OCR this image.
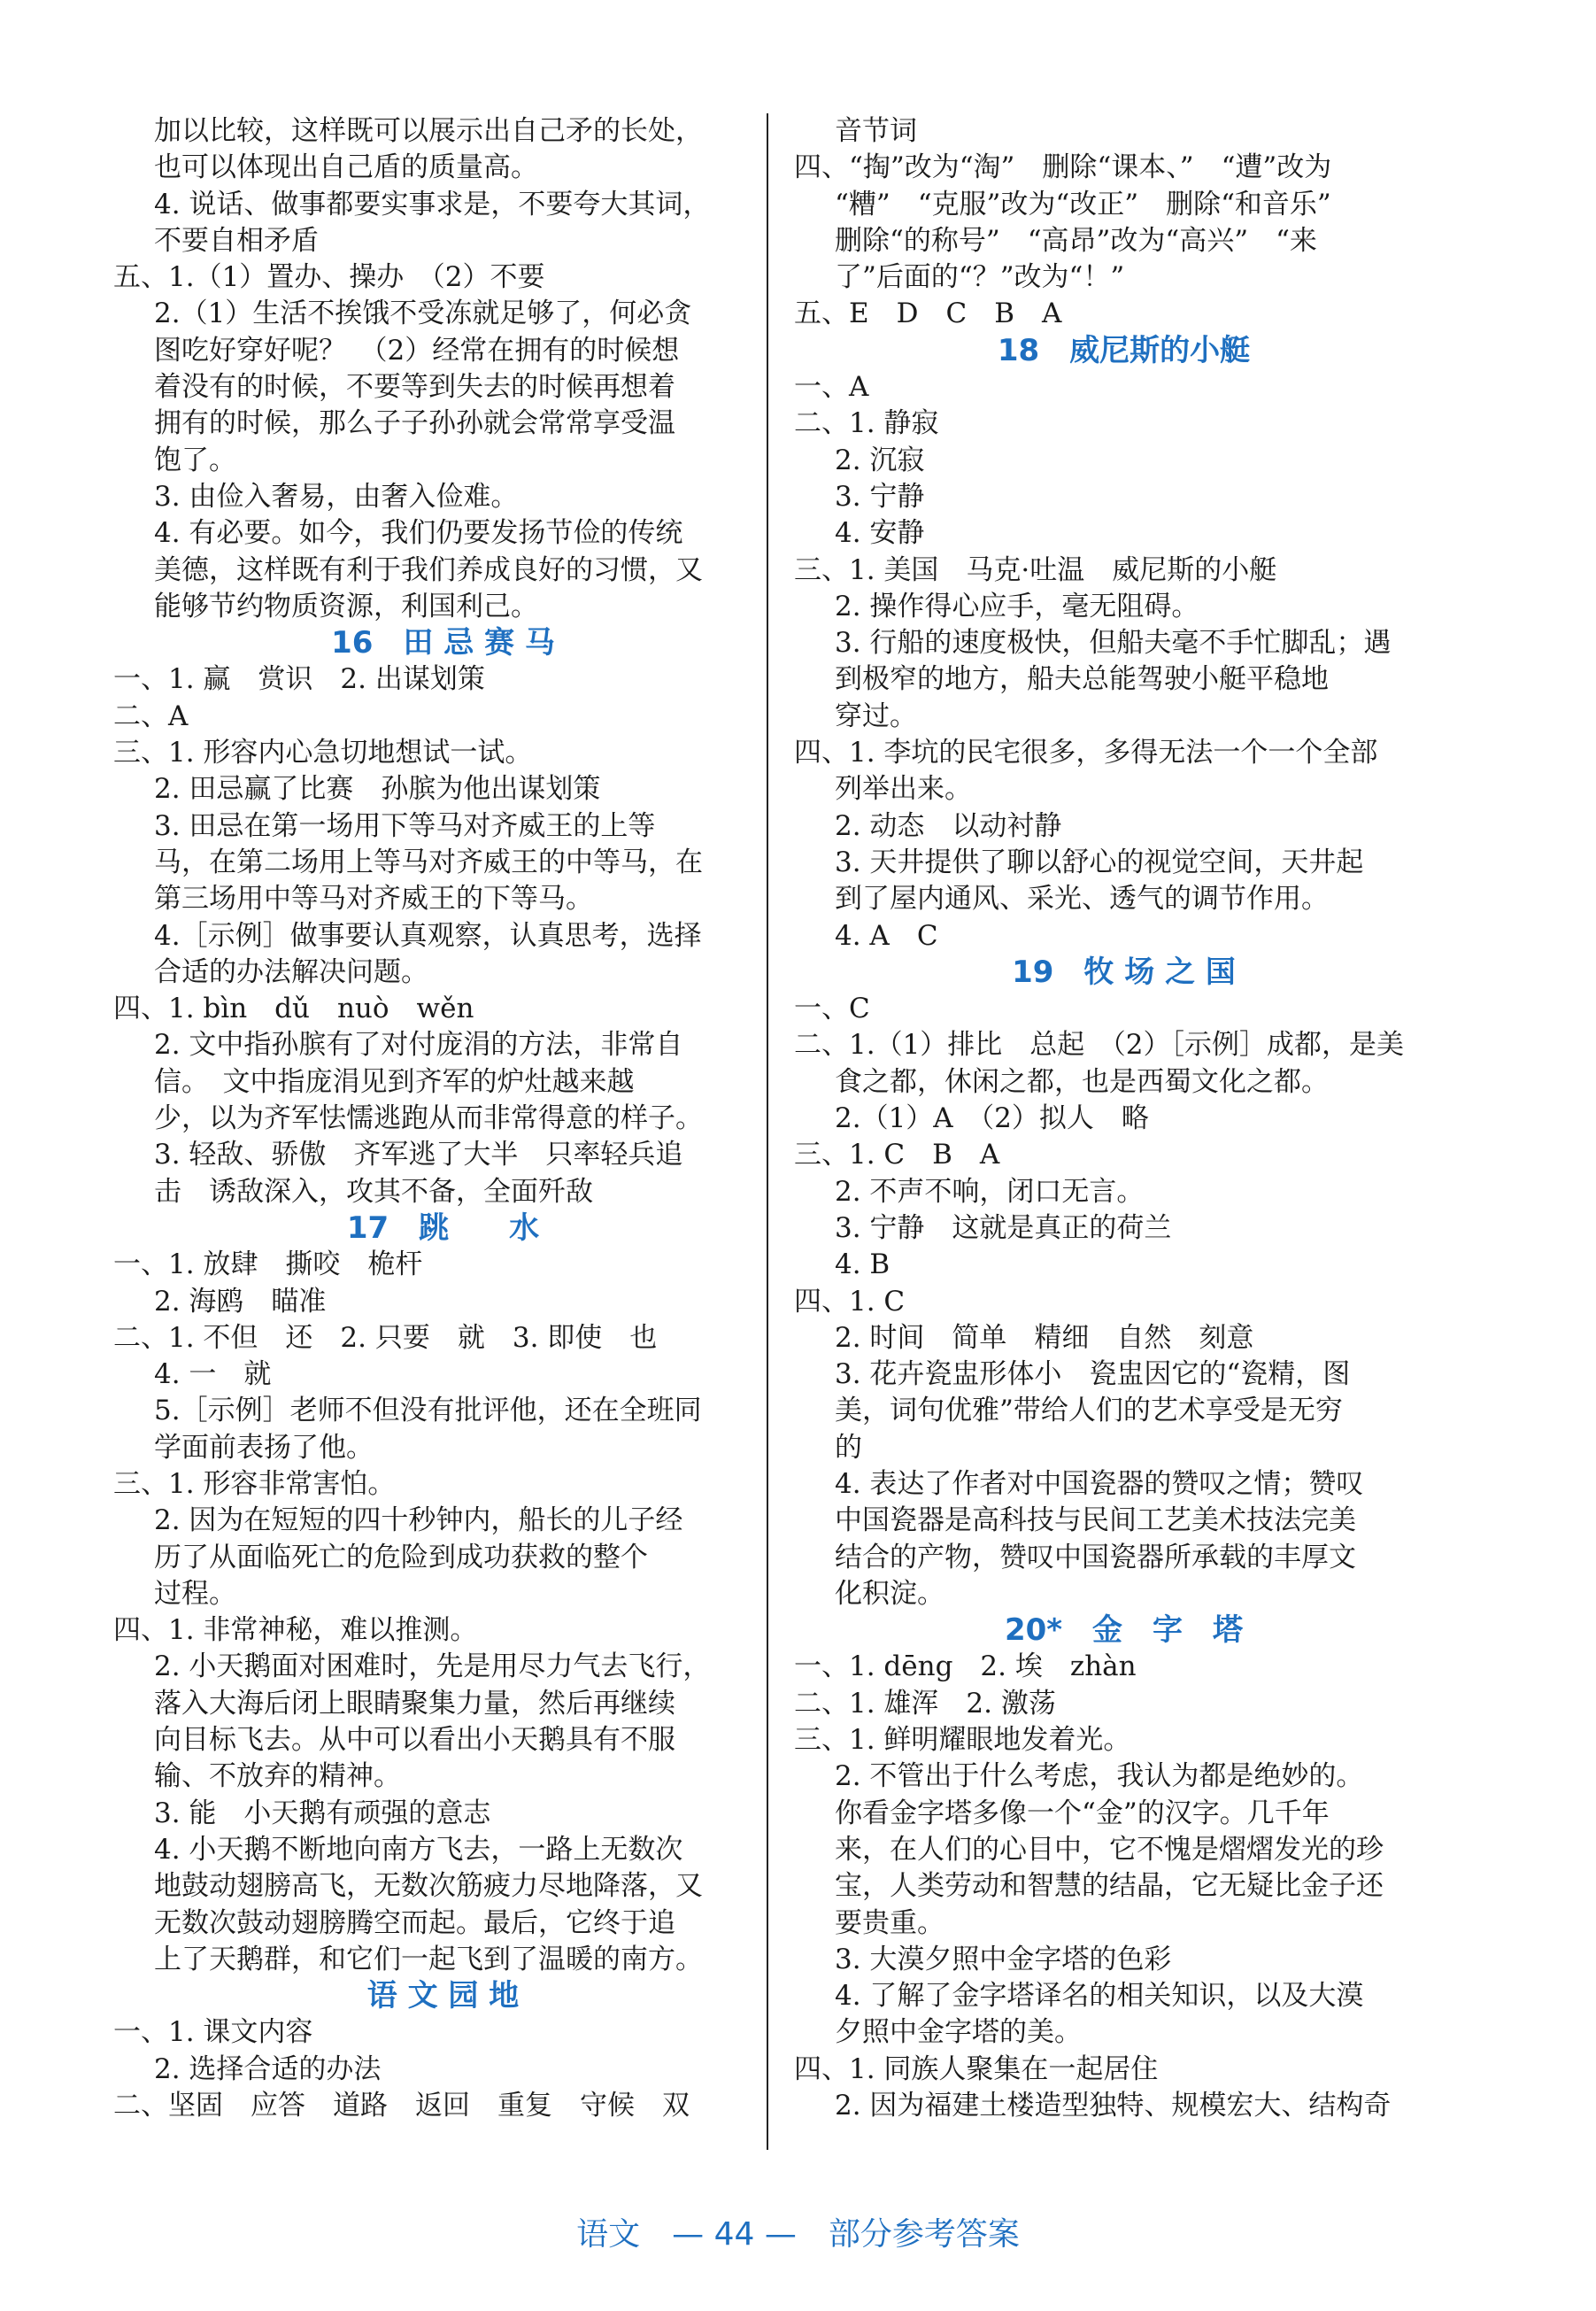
加以比较，这样既可以展示出自己矛的长处，
也可以体现出自己盾的质量高。
4. 说话、做事都要实事求是，不要夸大其词，
不要自相矛盾
五、1.（1）置办、操办　（2）不要
2.（1）生活不挨饿不受冻就足够了，何必贪
图吃好穿好呢？　（2）经常在拥有的时候想
着没有的时候，不要等到失去的时候再想着
拥有的时候，那么子子孙孙就会常常享受温
饱了。
3. 由俭入奢易，由奢入俭难。
4. 有必要。如今，我们仍要发扬节俭的传统
美德，这样既有利于我们养成良好的习惯，又
能够节约物质资源，利国利己。
16　田 忌 赛 马
一、1. 赢　赏识　2. 出谋划策
二、A
三、1. 形容内心急切地想试一试。
2. 田忌赢了比赛　孙膑为他出谋划策
3. 田忌在第一场用下等马对齐威王的上等
马，在第二场用上等马对齐威王的中等马，在
第三场用中等马对齐威王的下等马。
4.［示例］做事要认真观察，认真思考，选择
合适的办法解决问题。
四、1. bìn　dǔ　nuò　wěn
2. 文中指孙膑有了对付庞涓的方法，非常自
信。　文中指庞涓见到齐军的炉灶越来越
少，以为齐军怯懦逃跑从而非常得意的样子。
3. 轻敌、骄傲　齐军逃了大半　只率轻兵追
击　诱敌深入，攻其不备，全面歼敌
17　跳　　水
一、1. 放肆　撕咬　桅杆
2. 海鸥　瞄准
二、1. 不但　还　2. 只要　就　3. 即使　也
4. 一　就
5.［示例］老师不但没有批评他，还在全班同
学面前表扬了他。
三、1. 形容非常害怕。
2. 因为在短短的四十秒钟内，船长的儿子经
历了从面临死亡的危险到成功获救的整个
过程。
四、1. 非常神秘，难以推测。
2. 小天鹅面对困难时，先是用尽力气去飞行，
落入大海后闭上眼睛聚集力量，然后再继续
向目标飞去。从中可以看出小天鹅具有不服
输、不放弃的精神。
3. 能　小天鹅有顽强的意志
4. 小天鹅不断地向南方飞去，一路上无数次
地鼓动翅膀高飞，无数次筋疲力尽地降落，又
无数次鼓动翅膀腾空而起。最后，它终于追
上了天鹅群，和它们一起飞到了温暖的南方。
语 文 园 地
一、1. 课文内容
2. 选择合适的办法
二、坚固　应答　道路　返回　重复　守候　双
音节词
四、“掏”改为“淘”　删除“课本、”　“遭”改为
“糟”　“克服”改为“改正”　删除“和音乐”
删除“的称号”　“高昂”改为“高兴”　“来
了”后面的“？”改为“！”
五、E　D　C　B　A
18　威尼斯的小艇
一、A
二、1. 静寂
2. 沉寂
3. 宁静
4. 安静
三、1. 美国　马克·吐温　威尼斯的小艇
2. 操作得心应手，毫无阻碍。
3. 行船的速度极快，但船夫毫不手忙脚乱；遇
到极窄的地方，船夫总能驾驶小艇平稳地
穿过。
四、1. 李坑的民宅很多，多得无法一个一个全部
列举出来。
2. 动态　以动衬静
3. 天井提供了聊以舒心的视觉空间，天井起
到了屋内通风、采光、透气的调节作用。
4. A　C
19　牧 场 之 国
一、C
二、1.（1）排比　总起　（2）［示例］成都，是美
食之都，休闲之都，也是西蜀文化之都。
2.（1）A　（2）拟人　略
三、1. C　B　A
2. 不声不响，闭口无言。
3. 宁静　这就是真正的荷兰
4. B
四、1. C
2. 时间　简单　精细　自然　刻意
3. 花卉瓷盅形体小　瓷盅因它的“瓷精，图
美，词句优雅”带给人们的艺术享受是无穷
的
4. 表达了作者对中国瓷器的赞叹之情；赞叹
中国瓷器是高科技与民间工艺美术技法完美
结合的产物，赞叹中国瓷器所承载的丰厚文
化积淀。
20*　金　字　塔
一、1. dēng　2. 埃　zhàn
二、1. 雄浑　2. 激荡
三、1. 鲜明耀眼地发着光。
2. 不管出于什么考虑，我认为都是绝妙的。
你看金字塔多像一个“金”的汉字。几千年
来，在人们的心目中，它不愧是熠熠发光的珍
宝，人类劳动和智慧的结晶，它无疑比金子还
要贵重。
3. 大漠夕照中金字塔的色彩
4. 了解了金字塔译名的相关知识，以及大漠
夕照中金字塔的美。
四、1. 同族人聚集在一起居住
2. 因为福建土楼造型独特、规模宏大、结构奇
语文　— 44 —　部分参考答案
